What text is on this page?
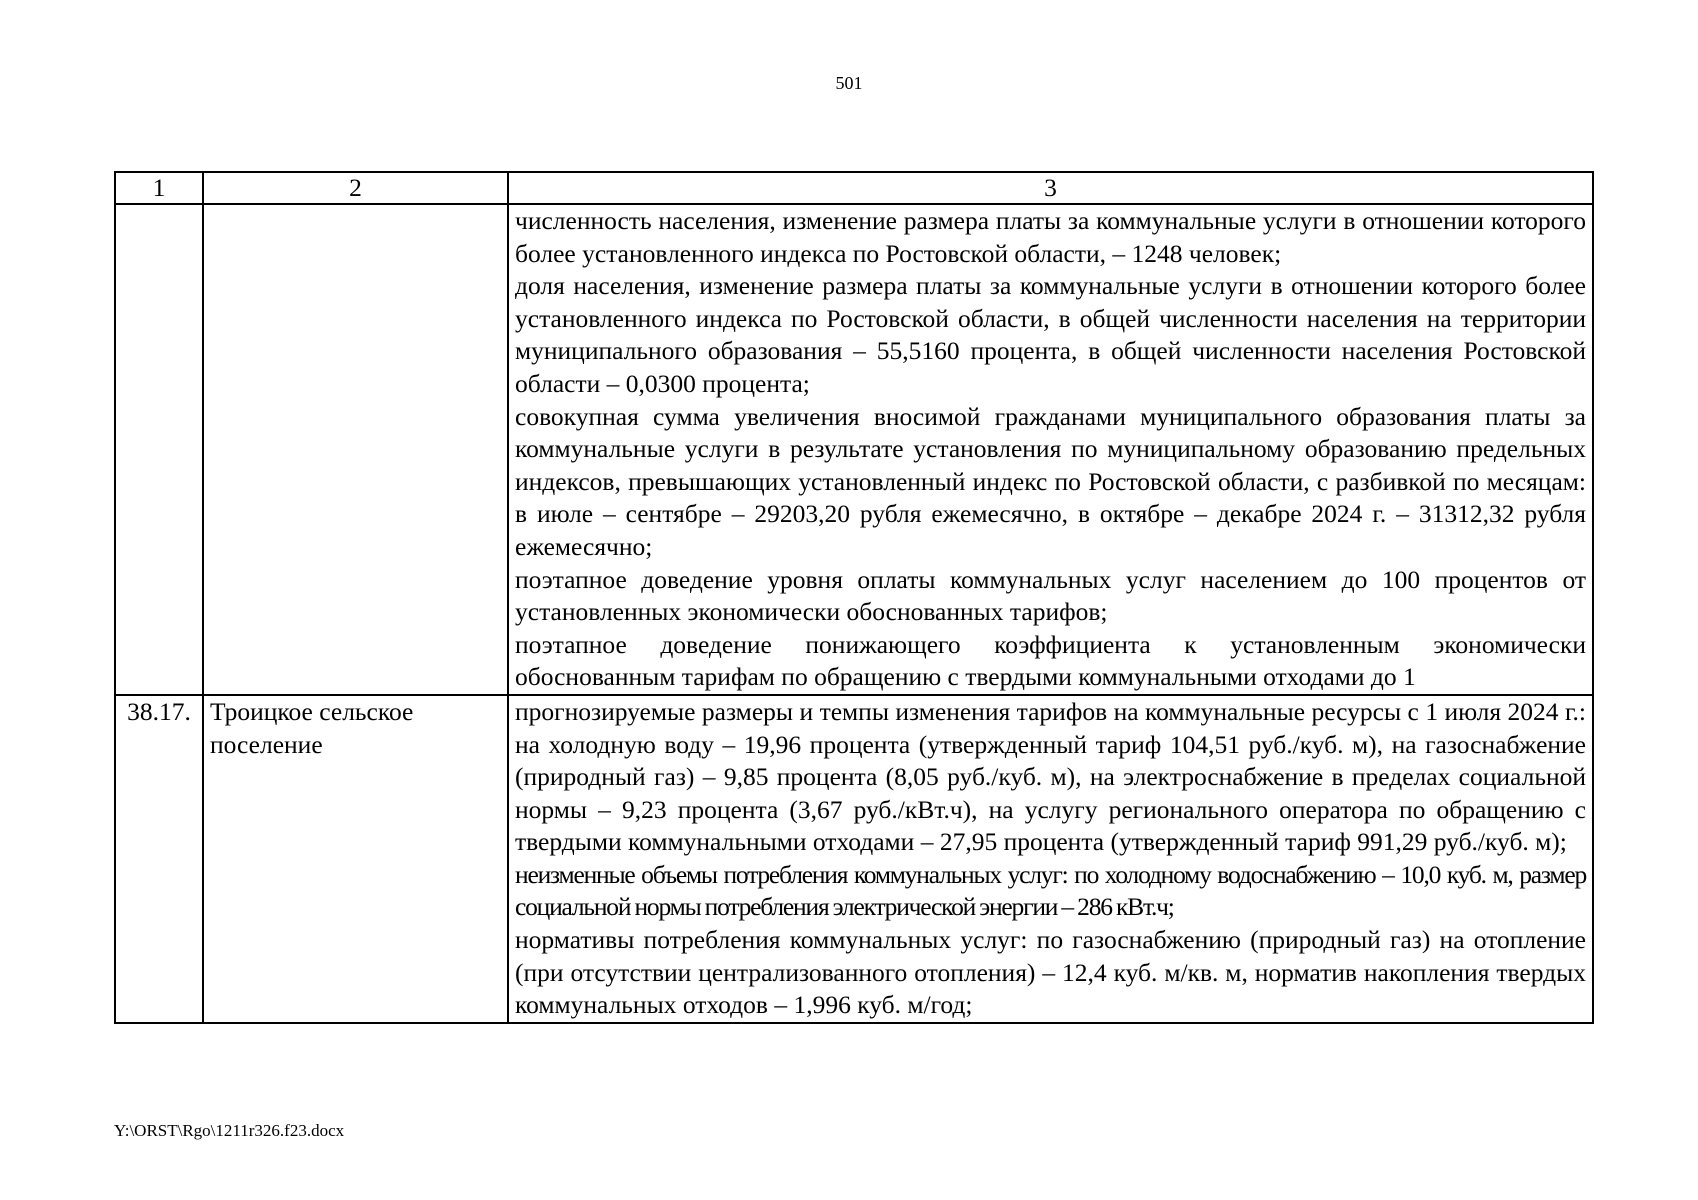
501
1	2	3

		численность населения, изменение размера платы за коммунальные услуги в отношении которого более установленного индекса по Ростовской области, – 1248 человек;
доля населения, изменение размера платы за коммунальные услуги в отношении которого более установленного индекса по Ростовской области, в общей численности населения на территории муниципального образования – 55,5160 процента, в общей численности населения Ростовской области – 0,0300 процента;
совокупная сумма увеличения вносимой гражданами муниципального образования платы за коммунальные услуги в результате установления по муниципальному образованию предельных индексов, превышающих установленный индекс по Ростовской области, с разбивкой по месяцам: в июле – сентябре – 29203,20 рубля ежемесячно, в октябре – декабре 2024 г. – 31312,32 рубля ежемесячно;
поэтапное доведение уровня оплаты коммунальных услуг населением до 100 процентов от установленных экономически обоснованных тарифов;
поэтапное доведение понижающего коэффициента к установленным экономически обоснованным тарифам по обращению с твердыми коммунальными отходами до 1

38.17.	Троицкое сельское поселение	прогнозируемые размеры и темпы изменения тарифов на коммунальные ресурсы с 1 июля 2024 г.: на холодную воду – 19,96 процента (утвержденный тариф 104,51 руб./куб. м), на газоснабжение (природный газ) – 9,85 процента (8,05 руб./куб. м), на электроснабжение в пределах социальной нормы – 9,23 процента (3,67 руб./кВт.ч), на услугу регионального оператора по обращению с твердыми коммунальными отходами – 27,95 процента (утвержденный тариф 991,29 руб./куб. м);
неизменные объемы потребления коммунальных услуг: по холодному водоснабжению – 10,0 куб. м, размер социальной нормы потребления электрической энергии – 286 кВт.ч;
нормативы потребления коммунальных услуг: по газоснабжению (природный газ) на отопление (при отсутствии централизованного отопления) – 12,4 куб. м/кв. м, норматив накопления твердых коммунальных отходов – 1,996 куб. м/год;
Y:\ORST\Rgo\1211r326.f23.docx
